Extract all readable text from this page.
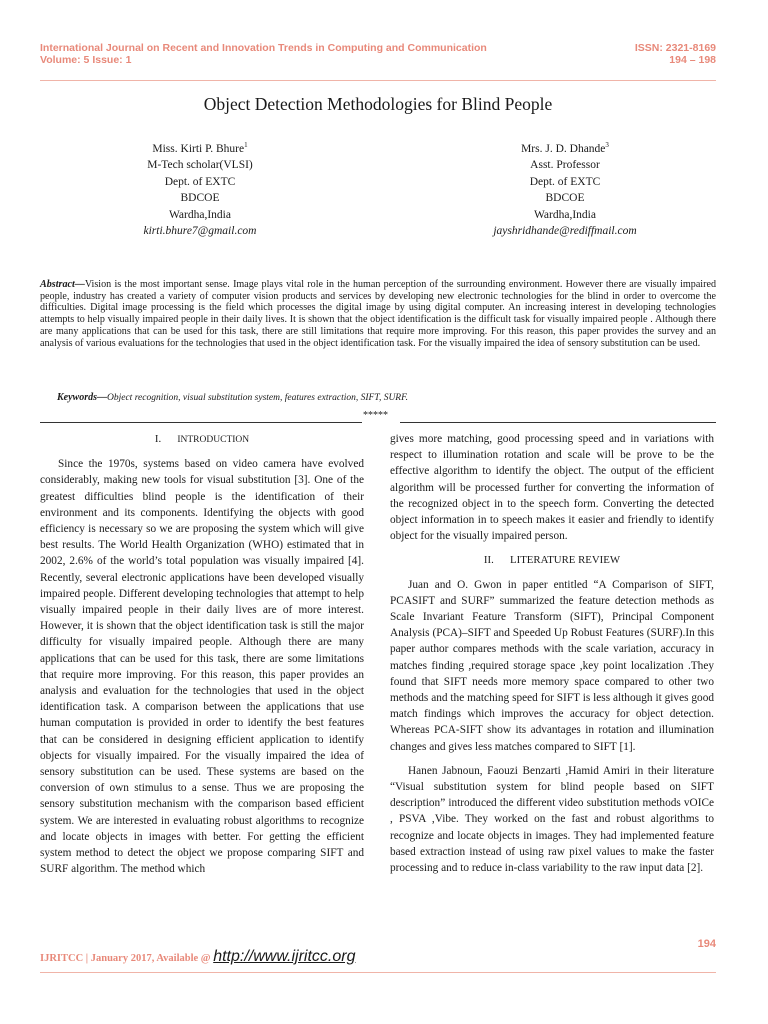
International Journal on Recent and Innovation Trends in Computing and Communication	ISSN: 2321-8169
Volume: 5 Issue: 1	194 – 198
Object Detection Methodologies for Blind People
Miss. Kirti P. Bhure$^1$
M-Tech scholar(VLSI)
Dept. of EXTC
BDCOE
Wardha,India
kirti.bhure7@gmail.com
Mrs. J. D. Dhande$^3$
Asst. Professor
Dept. of EXTC
BDCOE
Wardha,India
jayshridhande@rediffmail.com
Abstract—Vision is the most important sense. Image plays vital role in the human perception of the surrounding environment. However there are visually impaired people, industry has created a variety of computer vision products and services by developing new electronic technologies for the blind in order to overcome the difficulties. Digital image processing is the field which processes the digital image by using digital computer. An increasing interest in developing technologies attempts to help visually impaired people in their daily lives. It is shown that the object identification is the difficult task for visually impaired people . Although there are many applications that can be used for this task, there are still limitations that require more improving. For this reason, this paper provides the survey and an analysis of various evaluations for the technologies that used in the object identification task. For the visually impaired the idea of sensory substitution can be used.
Keywords—Object recognition, visual substitution system, features extraction, SIFT, SURF.
*****
I. INTRODUCTION

Since the 1970s, systems based on video camera have evolved considerably, making new tools for visual substitution [3]. One of the greatest difficulties blind people is the identification of their environment and its components. Identifying the objects with good efficiency is necessary so we are proposing the system which will give best results. The World Health Organization (WHO) estimated that in 2002, 2.6% of the world’s total population was visually impaired [4]. Recently, several electronic applications have been developed visually impaired people. Different developing technologies that attempt to help visually impaired people in their daily lives are of more interest. However, it is shown that the object identification task is still the major difficulty for visually impaired people. Although there are many applications that can be used for this task, there are some limitations that require more improving. For this reason, this paper provides an analysis and evaluation for the technologies that used in the object identification task. A comparison between the applications that use human computation is provided in order to identify the best features that can be considered in designing efficient application to identify objects for visually impaired. For the visually impaired the idea of sensory substitution can be used. These systems are based on the conversion of own stimulus to a sense. Thus we are proposing the sensory substitution mechanism with the comparison based efficient system. We are interested in evaluating robust algorithms to recognize and locate objects in images with better. For getting the efficient system method to detect the object we propose comparing SIFT and SURF algorithm. The method which

gives more matching, good processing speed and in variations with respect to illumination rotation and scale will be prove to be the effective algorithm to identify the object. The output of the efficient algorithm will be processed further for converting the information of the recognized object in to the speech form. Converting the detected object information in to speech makes it easier and friendly to identify object for the visually impaired person.

II. LITERATURE REVIEW

Juan and O. Gwon in paper entitled “A Comparison of SIFT, PCASIFT and SURF” summarized the feature detection methods as Scale Invariant Feature Transform (SIFT), Principal Component Analysis (PCA)–SIFT and Speeded Up Robust Features (SURF).In this paper author compares methods with the scale variation, accuracy in matches finding ,required storage space ,key point localization .They found that SIFT needs more memory space compared to other two methods and the matching speed for SIFT is less although it gives good match findings which improves the accuracy for object detection. Whereas PCA-SIFT show its advantages in rotation and illumination changes and gives less matches compared to SIFT [1].

Hanen Jabnoun, Faouzi Benzarti ,Hamid Amiri in their literature “Visual substitution system for blind people based on SIFT description” introduced the different video substitution methods vOICe , PSVA ,Vibe. They worked on the fast and robust algorithms to recognize and locate objects in images. They had implemented feature based extraction instead of using raw pixel values to make the faster processing and to reduce in-class variability to the raw input data [2].

194
IJRITCC | January 2017, Available @ http://www.ijritcc.org
